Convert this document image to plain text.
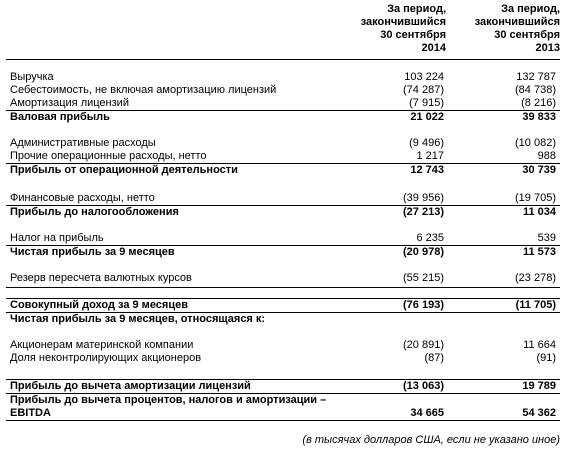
За период,
закончившийся
30 сентября
2014
За период,
закончившийся
30 сентября
2013
Выручка	103 224	132 787
Себестоимость, не включая амортизацию лицензий	(74 287)	(84 738)
Амортизация лицензий	(7 915)	(8 216)
Валовая прибыль	21 022	39 833
Административные расходы	(9 496)	(10 082)
Прочие операционные расходы, нетто	1 217	988
Прибыль от операционной деятельности	12 743	30 739
Финансовые расходы, нетто	(39 956)	(19 705)
Прибыль до налогообложения	(27 213)	11 034
Налог на прибыль	6 235	539
Чистая прибыль за 9 месяцев	(20 978)	11 573
Резерв пересчета валютных курсов	(55 215)	(23 278)
Совокупный доход за 9 месяцев	(76 193)	(11 705)
Чистая прибыль за 9 месяцев, относящаяся к:
Акционерам материнской компании	(20 891)	11 664
Доля неконтролирующих акционеров	(87)	(91)
Прибыль до вычета амортизации лицензий	(13 063)	19 789
Прибыль до вычета процентов, налогов и амортизации –
EBITDA	34 665	54 362
(в тысячах долларов США, если не указано иное)
